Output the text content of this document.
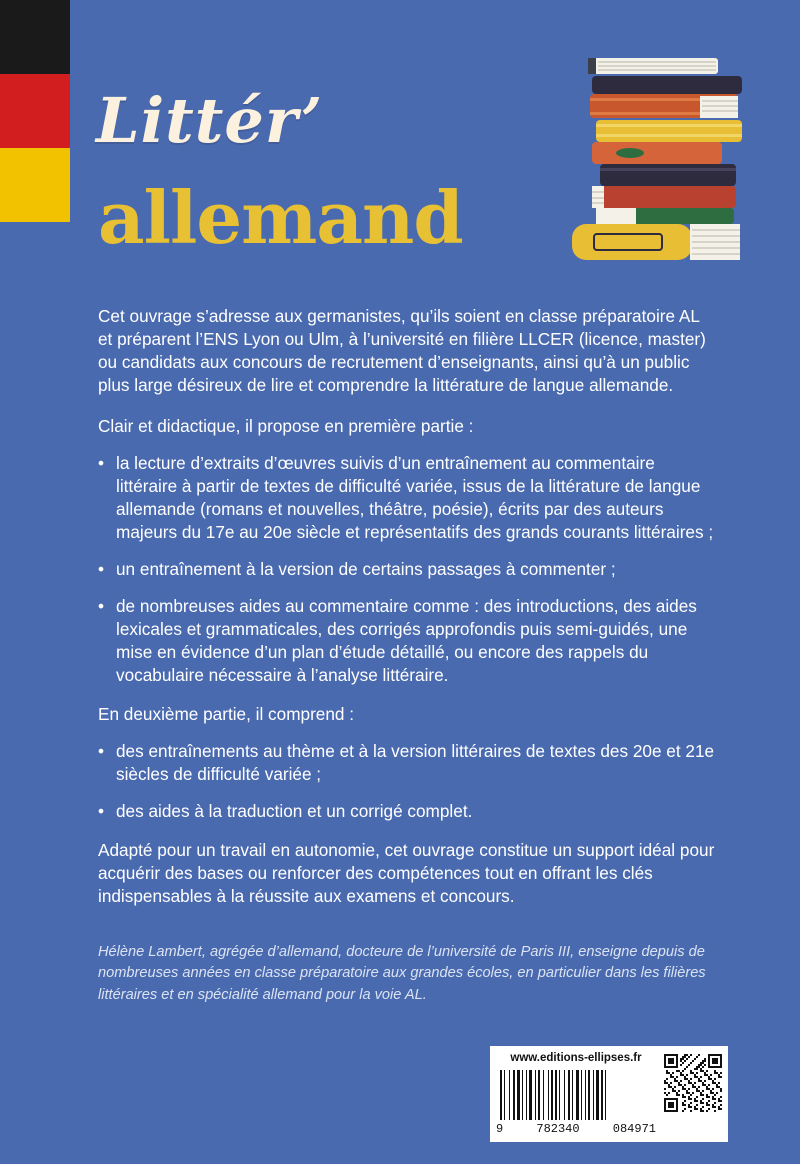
Littér’
allemand

Cet ouvrage s’adresse aux germanistes, qu’ils soient en classe préparatoire AL et préparent l’ENS Lyon ou Ulm, à l’université en filière LLCER (licence, master) ou candidats aux concours de recrutement d’enseignants, ainsi qu’à un public plus large désireux de lire et comprendre la littérature de langue allemande.

Clair et didactique, il propose en première partie :

• la lecture d’extraits d’œuvres suivis d’un entraînement au commentaire littéraire à partir de textes de difficulté variée, issus de la littérature de langue allemande (romans et nouvelles, théâtre, poésie), écrits par des auteurs majeurs du 17e au 20e siècle et représentatifs des grands courants littéraires ;
• un entraînement à la version de certains passages à commenter ;
• de nombreuses aides au commentaire comme : des introductions, des aides lexicales et grammaticales, des corrigés approfondis puis semi-guidés, une mise en évidence d’un plan d’étude détaillé, ou encore des rappels du vocabulaire nécessaire à l’analyse littéraire.

En deuxième partie, il comprend :

• des entraînements au thème et à la version littéraires de textes des 20e et 21e siècles de difficulté variée ;
• des aides à la traduction et un corrigé complet.

Adapté pour un travail en autonomie, cet ouvrage constitue un support idéal pour acquérir des bases ou renforcer des compétences tout en offrant les clés indispensables à la réussite aux examens et concours.

Hélène Lambert, agrégée d’allemand, docteure de l’université de Paris III, enseigne depuis de nombreuses années en classe préparatoire aux grandes écoles, en particulier dans les filières littéraires et en spécialité allemand pour la voie AL.

www.editions-ellipses.fr
9	782340	084971
